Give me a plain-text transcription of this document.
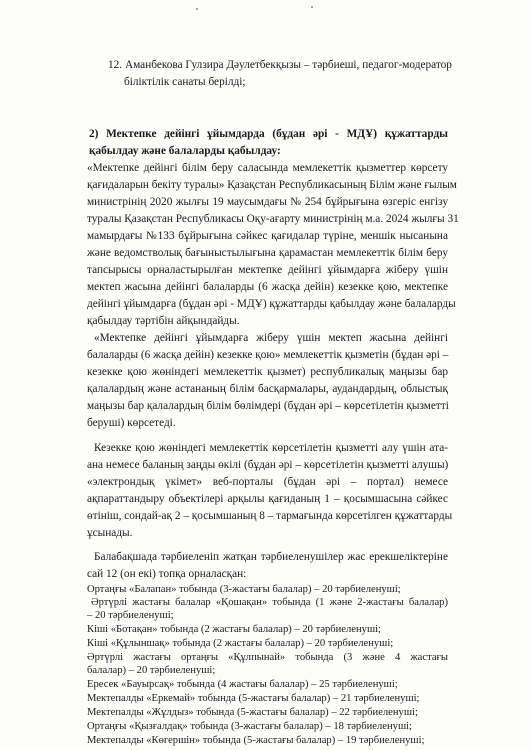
12. Аманбекова Гулзира Дәулетбекқызы – тәрбиеші, педагог-модератор
біліктілік санаты берілді;
2) Мектепке дейінгі ұйымдарда (бұдан әрі - МДҰ) құжаттарды
қабылдау және балаларды қабылдау:
«Мектепке дейінгі білім беру саласында мемлекеттік қызметтер көрсету
қағидаларын бекіту туралы» Қазақстан Республикасының Білім және ғылым
министрінің 2020 жылғы 19 маусымдағы № 254 бұйрығына өзгеріс енгізу
туралы Қазақстан Республикасы Оқу-ағарту министрінің м.а. 2024 жылғы 31
мамырдағы №133 бұйрығына сәйкес қағидалар түріне, меншік нысанына
және ведомстволық бағыныстылығына қарамастан мемлекеттік білім беру
тапсырысы орналастырылған мектепке дейінгі ұйымдарға жіберу үшін
мектеп жасына дейінгі балаларды (6 жасқа дейін) кезекке қою, мектепке
дейінгі ұйымдарға (бұдан әрі - МДҰ) құжаттарды қабылдау және балаларды
қабылдау тәртібін айқындайды.
«Мектепке дейінгі ұйымдарға жіберу үшін мектеп жасына дейінгі
балаларды (6 жасқа дейін) кезекке қою» мемлекеттік қызметін (бұдан әрі –
кезекке қою жөніндегі мемлекеттік қызмет) республикалық маңызы бар
қалалардың және астананың білім басқармалары, аудандардың, облыстық
маңызы бар қалалардың білім бөлімдері (бұдан әрі – көрсетілетін қызметті
беруші) көрсетеді.
Кезекке қою жөніндегі мемлекеттік көрсетілетін қызметті алу үшін ата-
ана немесе баланың заңды өкілі (бұдан әрі – көрсетілетін қызметті алушы)
«электрондық үкімет» веб-порталы (бұдан әрі – портал) немесе
ақпараттандыру объектілері арқылы қағиданың 1 – қосымшасына сәйкес
өтініш, сондай-ақ 2 – қосымшаның 8 – тармағында көрсетілген құжаттарды
ұсынады.
Балабақшада тәрбиеленіп жатқан тәрбиеленушілер жас ерекшеліктеріне
сай 12 (он екі) топқа орналасқан:
Ортаңғы «Балапан» тобында (3-жастағы балалар) – 20 тәрбиеленуші;
Әртүрлі жастағы балалар «Қошақан» тобында (1 және 2-жастағы балалар)
– 20 тәрбиеленуші;
Кіші «Ботақан» тобында (2 жастағы балалар) – 20 тәрбиеленуші;
Кіші «Құлыншақ» тобында (2 жастағы балалар) – 20 тәрбиеленуші;
Әртүрлі жастағы ортаңғы «Құлпынай» тобында (3 және 4 жастағы
балалар) – 20 тәрбиеленуші;
Ересек «Бауырсақ» тобында (4 жастағы балалар) – 25 тәрбиеленуші;
Мектепалды «Еркемай» тобында (5-жастағы балалар) – 21 тәрбиеленуші;
Мектепалды «Жұлдыз» тобында (5-жастағы балалар) – 22 тәрбиеленуші;
Ортаңғы «Қызғалдақ» тобында (3-жастағы балалар) – 18 тәрбиеленуші;
Мектепалды «Көгершін» тобында (5-жастағы балалар) – 19 тәрбиеленуші;
